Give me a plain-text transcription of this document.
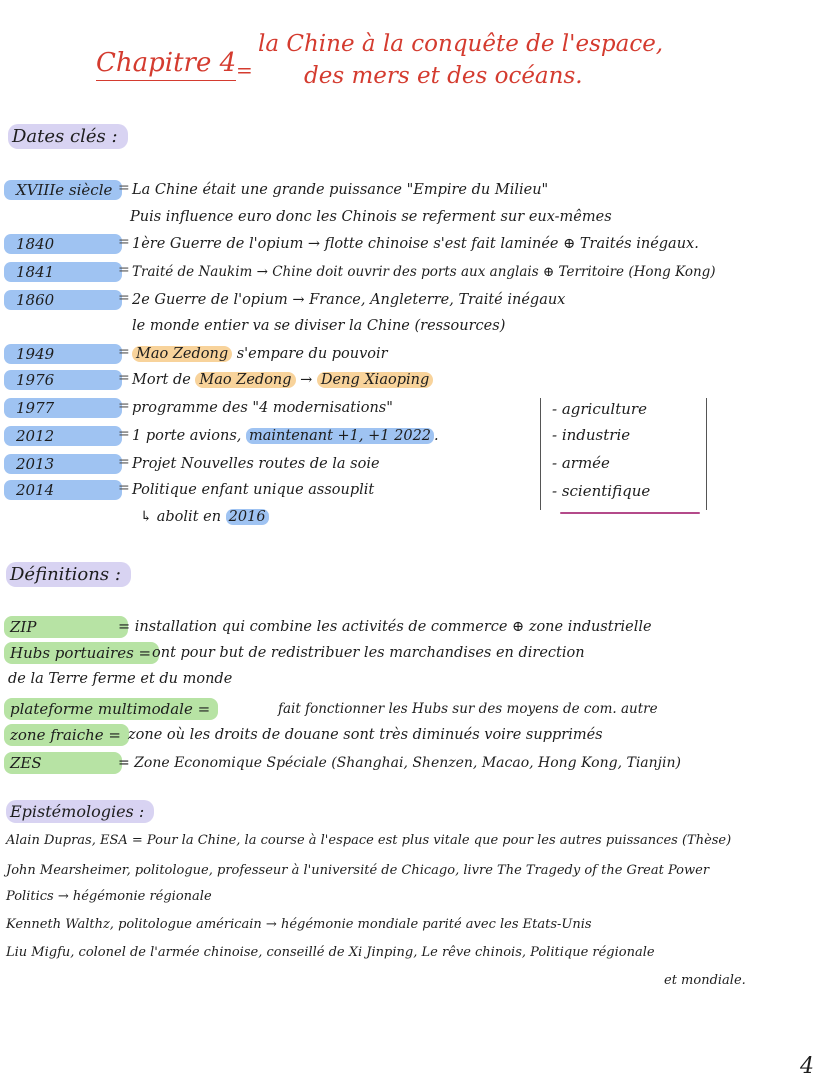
Chapitre 4 =
la Chine à la conquête de l'espace,
des mers et des océans.
Dates clés :
XVIIIe siècle = La Chine était une grande puissance "Empire du Milieu"
Puis influence euro donc les Chinois se referment sur eux-mêmes
1840	= 1ère Guerre de l'opium → flotte chinoise s'est fait laminée ⊕ Traités inégaux.
1841	= Traité de Naukim → Chine doit ouvrir des ports aux anglais ⊕ Territoire (Hong Kong)
1860	= 2e Guerre de l'opium → France, Angleterre, Traité inégaux
le monde entier va se diviser la Chine (ressources)
1949	= Mao Zedong s'empare du pouvoir
1976	= Mort de Mao Zedong → Deng Xiaoping
1977	= programme des "4 modernisations"
2012	= 1 porte avions, maintenant +1, +1 2022 .
2013	= Projet Nouvelles routes de la soie
2014	= Politique enfant unique assouplit
↳ abolit en 2016
- agriculture
- industrie
- armée
- scientifique
Définitions :
ZIP	= installation qui combine les activités de commerce ⊕ zone industrielle
Hubs portuaires = ont pour but de redistribuer les marchandises en direction
de la Terre ferme et du monde
plateforme multimodale =	fait fonctionner les Hubs sur des moyens de com. autre
zone fraiche = zone où les droits de douane sont très diminués voire supprimés
ZES	= Zone Economique Spéciale (Shanghai, Shenzen, Macao, Hong Kong, Tianjin)
Epistémologies :
Alain Dupras, ESA = Pour la Chine, la course à l'espace est plus vitale que pour les autres puissances (Thèse)
John Mearsheimer, politologue, professeur à l'université de Chicago, livre The Tragedy of the Great Power
Politics → hégémonie régionale
Kenneth Walthz, politologue américain → hégémonie mondiale parité avec les Etats-Unis
Liu Migfu, colonel de l'armée chinoise, conseillé de Xi Jinping, Le rêve chinois, Politique régionale
et mondiale.
4
